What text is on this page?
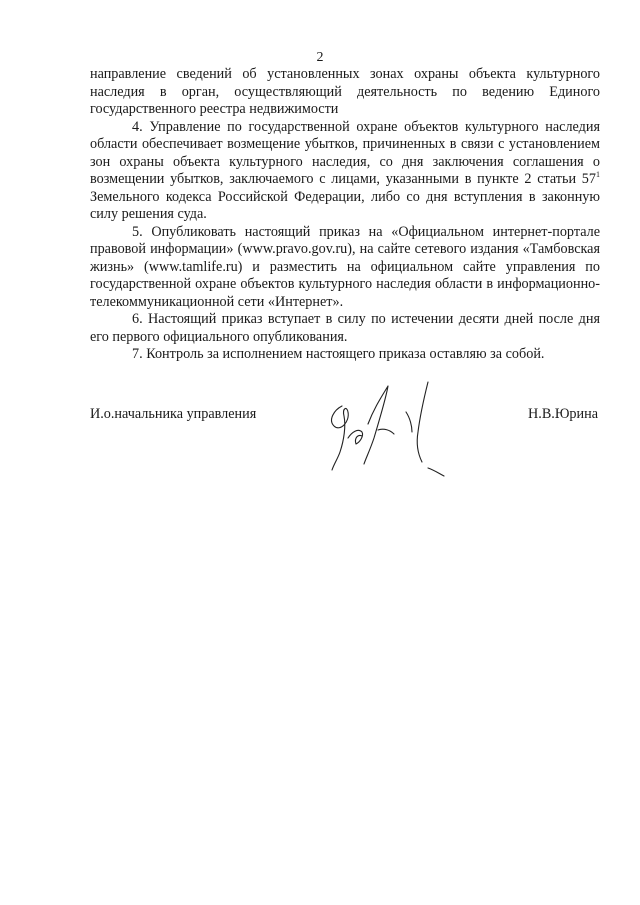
2

направление сведений об установленных зонах охраны объекта культурного наследия в орган, осуществляющий деятельность по ведению Единого государственного реестра недвижимости

4. Управление по государственной охране объектов культурного наследия области обеспечивает возмещение убытков, причиненных в связи с установлением зон охраны объекта культурного наследия, со дня заключения соглашения о возмещении убытков, заключаемого с лицами, указанными в пункте 2 статьи $57^1$ Земельного кодекса Российской Федерации, либо со дня вступления в законную силу решения суда.

5. Опубликовать настоящий приказ на «Официальном интернет-портале правовой информации» (www.pravo.gov.ru), на сайте сетевого издания «Тамбовская жизнь» (www.tamlife.ru) и разместить на официальном сайте управления по государственной охране объектов культурного наследия области в информационно-телекоммуникационной сети «Интернет».

6. Настоящий приказ вступает в силу по истечении десяти дней после дня его первого официального опубликования.

7. Контроль за исполнением настоящего приказа оставляю за собой.

И.о.начальника управления	Н.В.Юрина
